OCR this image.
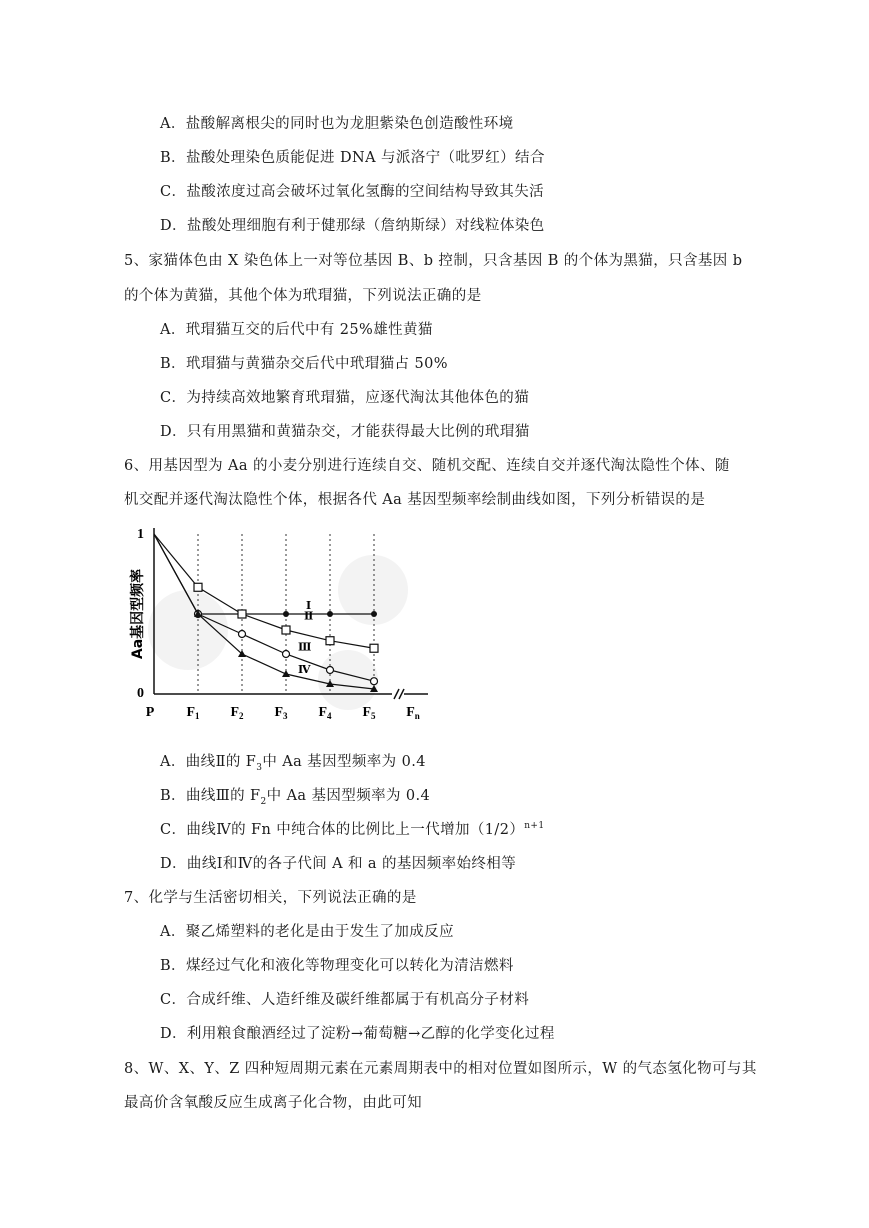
A．盐酸解离根尖的同时也为龙胆紫染色创造酸性环境
B．盐酸处理染色质能促进 DNA 与派洛宁（吡罗红）结合
C．盐酸浓度过高会破坏过氧化氢酶的空间结构导致其失活
D．盐酸处理细胞有利于健那绿（詹纳斯绿）对线粒体染色
5、家猫体色由 X 染色体上一对等位基因 B、b 控制，只含基因 B 的个体为黑猫，只含基因 b
的个体为黄猫，其他个体为玳瑁猫，下列说法正确的是
A．玳瑁猫互交的后代中有 25%雄性黄猫
B．玳瑁猫与黄猫杂交后代中玳瑁猫占 50%
C．为持续高效地繁育玳瑁猫，应逐代淘汰其他体色的猫
D．只有用黑猫和黄猫杂交，才能获得最大比例的玳瑁猫
6、用基因型为 Aa 的小麦分别进行连续自交、随机交配、连续自交并逐代淘汰隐性个体、随
机交配并逐代淘汰隐性个体，根据各代 Aa 基因型频率绘制曲线如图，下列分析错误的是
1
0
Aa基因型频率
P $F_1$ $F_2$ $F_3$ $F_4$ $F_5$ $F_n$
Ⅰ
Ⅱ
Ⅲ
Ⅳ
A．曲线Ⅱ的 $F_3$中 Aa 基因型频率为 0.4
B．曲线Ⅲ的 $F_2$中 Aa 基因型频率为 0.4
C．曲线Ⅳ的 Fn 中纯合体的比例比上一代增加$(1/2)^{n+1}$
D．曲线Ⅰ和Ⅳ的各子代间 A 和 a 的基因频率始终相等
7、化学与生活密切相关，下列说法正确的是
A．聚乙烯塑料的老化是由于发生了加成反应
B．煤经过气化和液化等物理变化可以转化为清洁燃料
C．合成纤维、人造纤维及碳纤维都属于有机高分子材料
D．利用粮食酿酒经过了淀粉→葡萄糖→乙醇的化学变化过程
8、W、X、Y、Z 四种短周期元素在元素周期表中的相对位置如图所示，W 的气态氢化物可与其
最高价含氧酸反应生成离子化合物，由此可知
